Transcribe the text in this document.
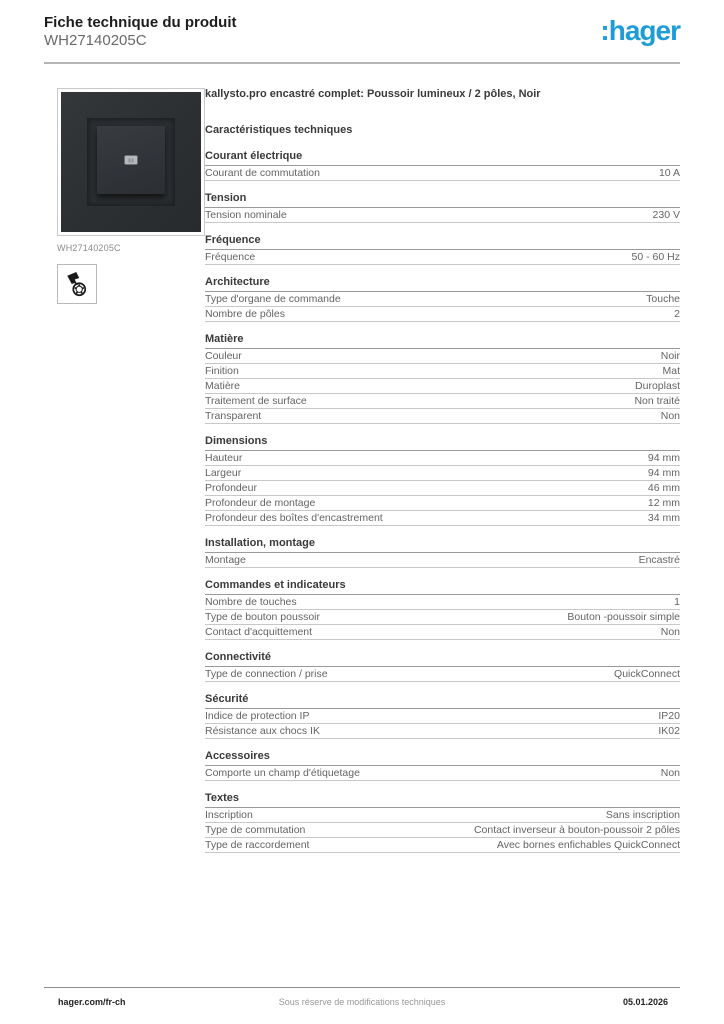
Fiche technique du produit
WH27140205C	:hager
WH27140205C
kallysto.pro encastré complet: Poussoir lumineux / 2 pôles, Noir
Caractéristiques techniques
Courant électrique
Courant de commutation	10 A
Tension
Tension nominale	230 V
Fréquence
Fréquence	50 - 60 Hz
Architecture
Type d'organe de commande	Touche
Nombre de pôles	2
Matière
Couleur	Noir
Finition	Mat
Matière	Duroplast
Traitement de surface	Non traité
Transparent	Non
Dimensions
Hauteur	94 mm
Largeur	94 mm
Profondeur	46 mm
Profondeur de montage	12 mm
Profondeur des boîtes d'encastrement	34 mm
Installation, montage
Montage	Encastré
Commandes et indicateurs
Nombre de touches	1
Type de bouton poussoir	Bouton -poussoir simple
Contact d'acquittement	Non
Connectivité
Type de connection / prise	QuickConnect
Sécurité
Indice de protection IP	IP20
Résistance aux chocs IK	IK02
Accessoires
Comporte un champ d'étiquetage	Non
Textes
Inscription	Sans inscription
Type de commutation	Contact inverseur à bouton-poussoir 2 pôles
Type de raccordement	Avec bornes enfichables QuickConnect
hager.com/fr-ch	Sous réserve de modifications techniques	05.01.2026
